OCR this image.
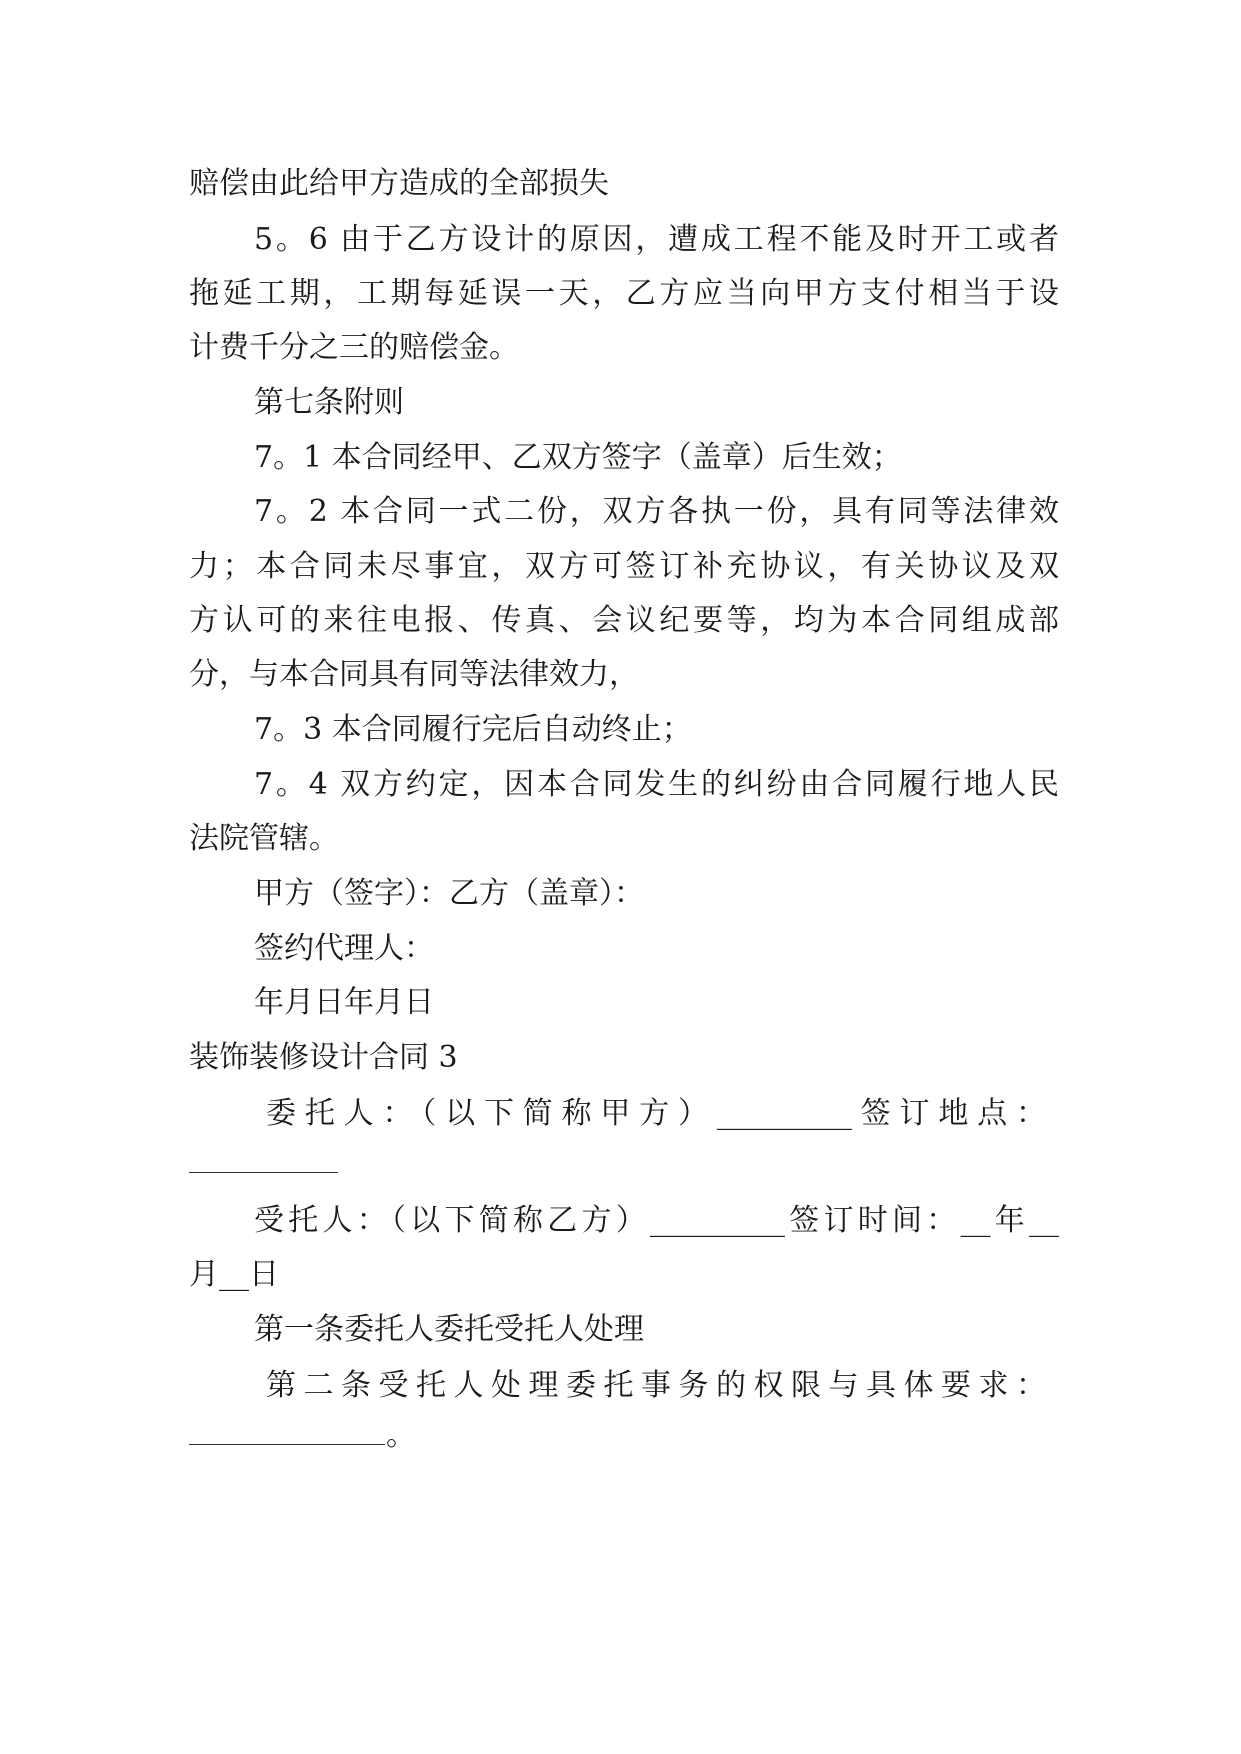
赔偿由此给甲方造成的全部损失
5。6 由于乙方设计的原因，遭成工程不能及时开工或者
拖延工期，工期每延误一天，乙方应当向甲方支付相当于设
计费千分之三的赔偿金。
第七条附则
7。1 本合同经甲、乙双方签字（盖章）后生效；
7。2 本合同一式二份，双方各执一份，具有同等法律效
力；本合同未尽事宜，双方可签订补充协议，有关协议及双
方认可的来往电报、传真、会议纪要等，均为本合同组成部
分，与本合同具有同等法律效力，
7。3 本合同履行完后自动终止；
7。4 双方约定，因本合同发生的纠纷由合同履行地人民
法院管辖。
甲方（签字）：乙方（盖章）：
签约代理人：
年月日年月日
装饰装修设计合同 3
委托人：（以下简称甲方）_________签订地点：
受托人：（以下简称乙方）_________签订时间：__年__
月__日
第一条委托人委托受托人处理
第二条受托人处理委托事务的权限与具体要求：
。
